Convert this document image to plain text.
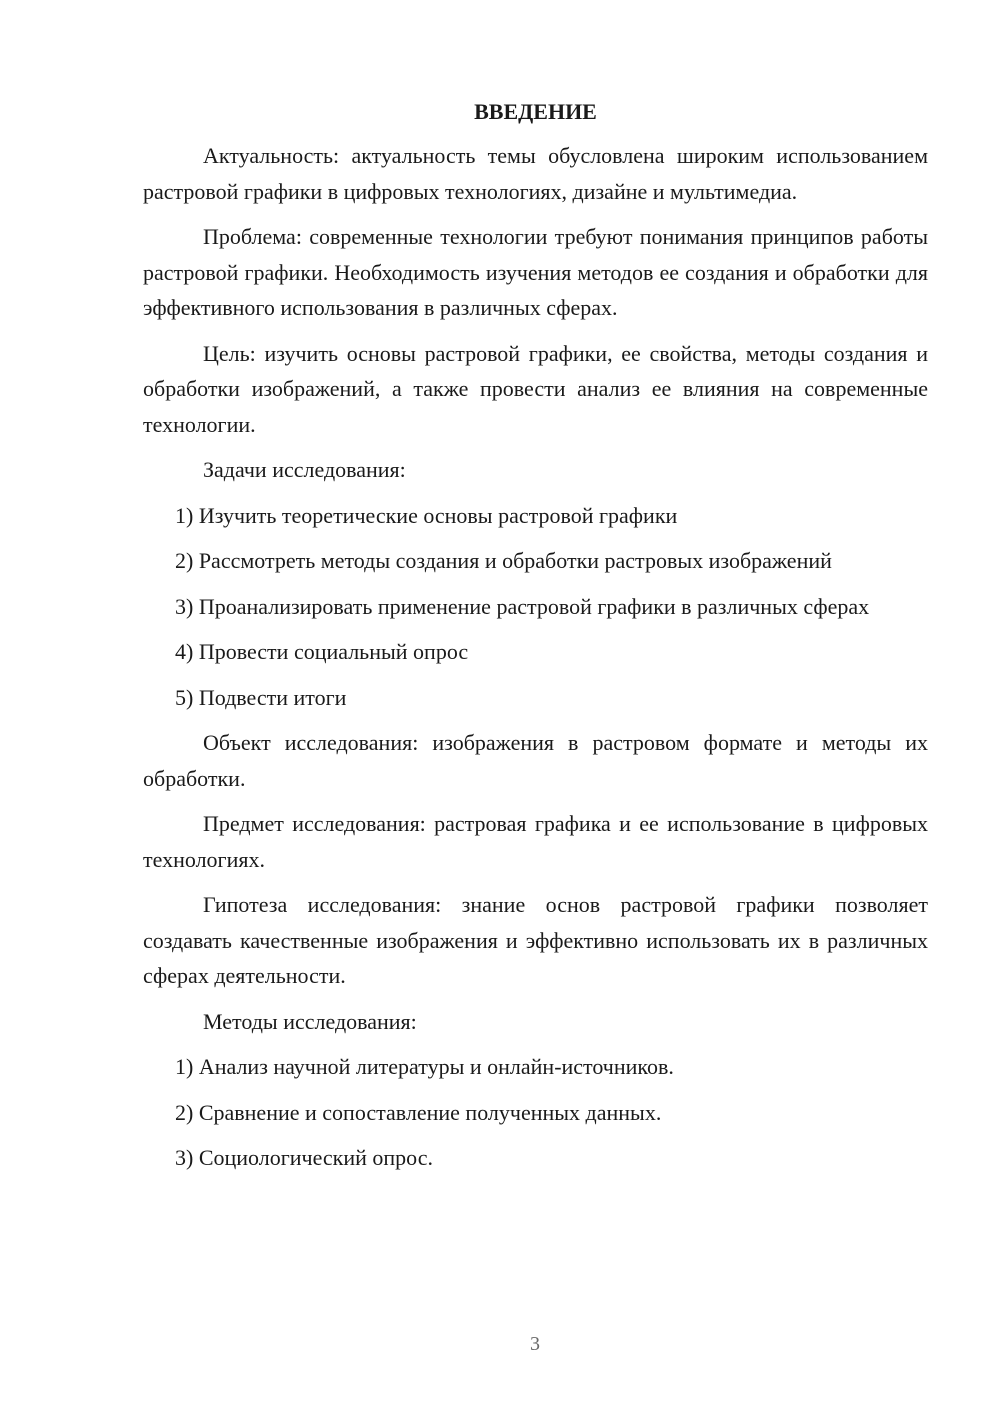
ВВЕДЕНИЕ

Актуальность: актуальность темы обусловлена широким использованием растровой графики в цифровых технологиях, дизайне и мультимедиа.

Проблема: современные технологии требуют понимания принципов работы растровой графики. Необходимость изучения методов ее создания и обработки для эффективного использования в различных сферах.

Цель: изучить основы растровой графики, ее свойства, методы создания и обработки изображений, а также провести анализ ее влияния на современные технологии.

Задачи исследования:

1) Изучить теоретические основы растровой графики

2) Рассмотреть методы создания и обработки растровых изображений

3) Проанализировать применение растровой графики в различных сферах

4) Провести социальный опрос

5) Подвести итоги

Объект исследования: изображения в растровом формате и методы их обработки.

Предмет исследования: растровая графика и ее использование в цифровых технологиях.

Гипотеза исследования: знание основ растровой графики позволяет создавать качественные изображения и эффективно использовать их в различных сферах деятельности.

Методы исследования:

1) Анализ научной литературы и онлайн-источников.

2) Сравнение и сопоставление полученных данных.

3) Социологический опрос.

3
